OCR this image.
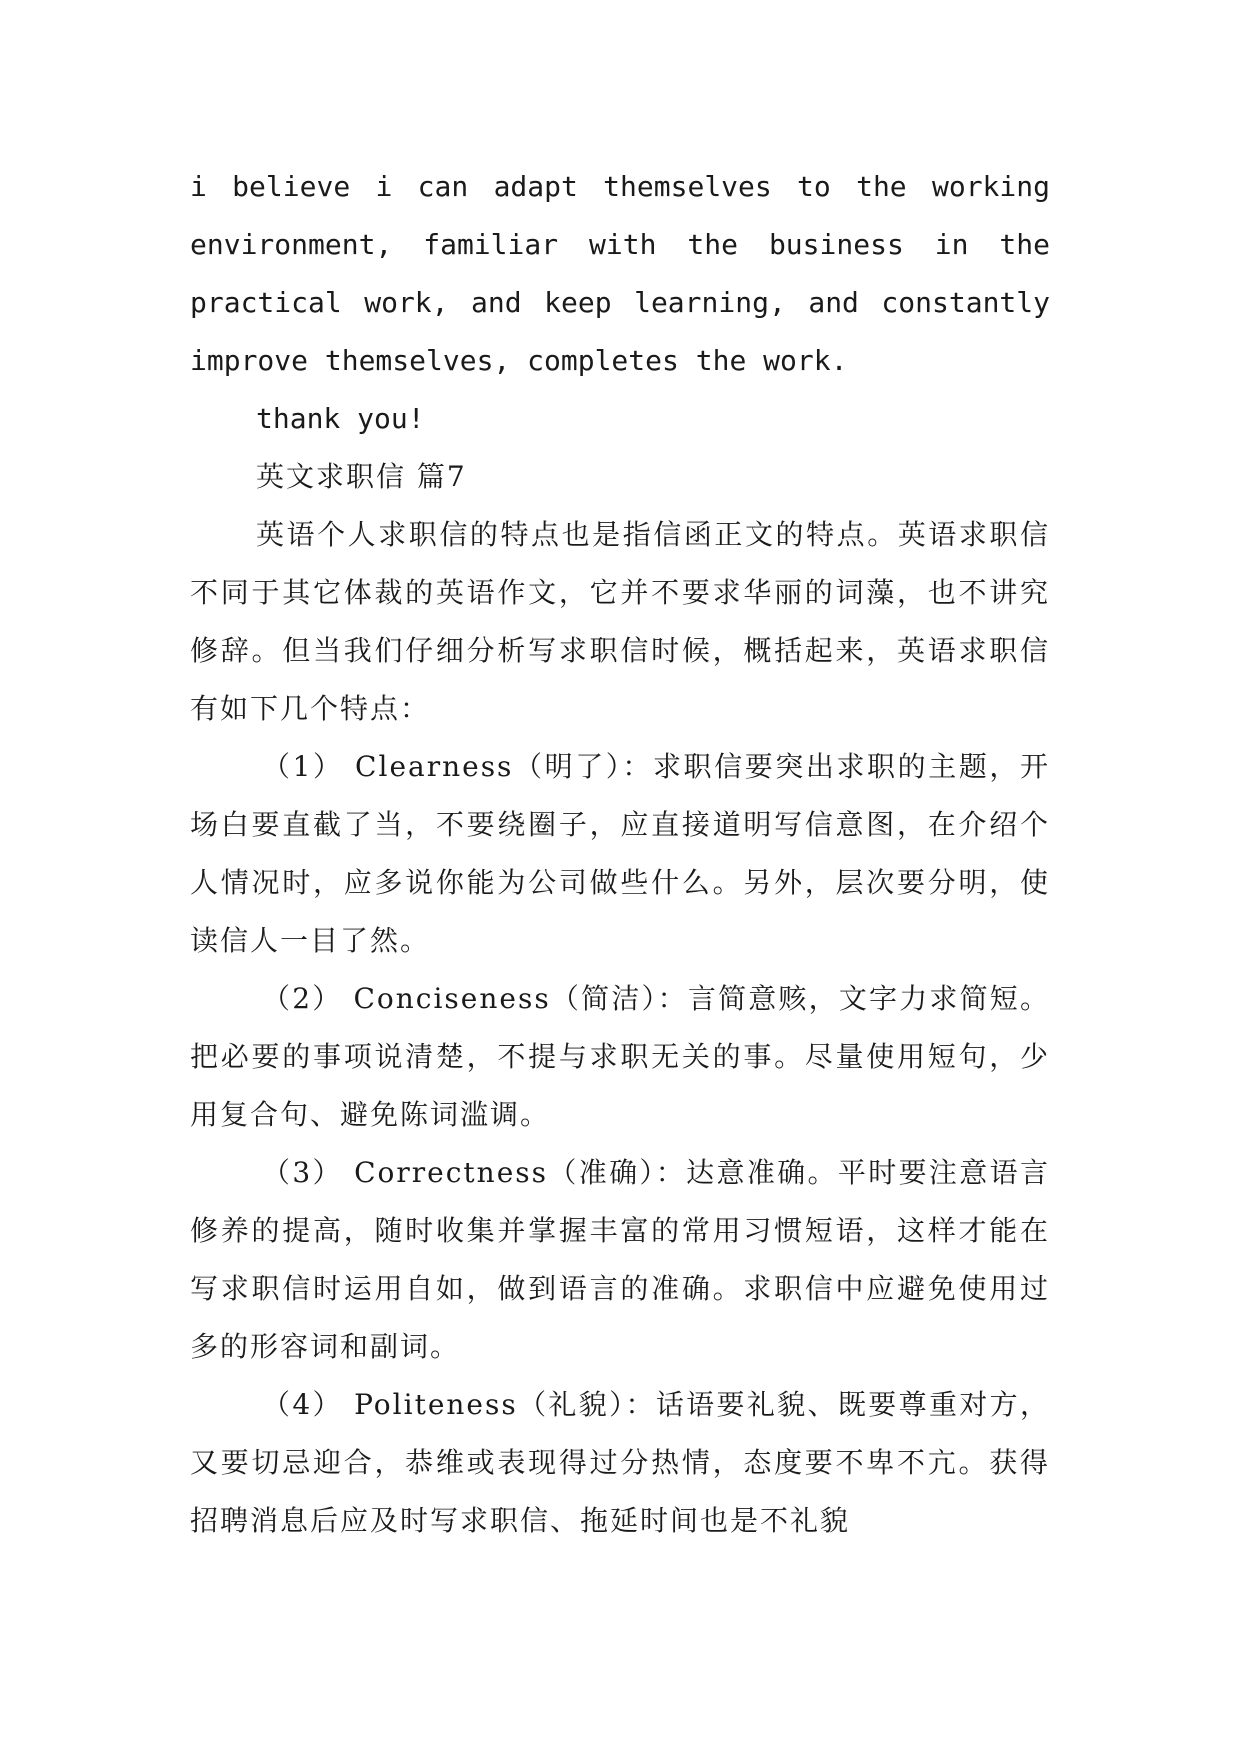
i believe i can adapt themselves to the working environment, familiar with the business in the practical work, and keep learning, and constantly improve themselves, completes the work.

thank you!

英文求职信 篇7

英语个人求职信的特点也是指信函正文的特点。英语求职信不同于其它体裁的英语作文，它并不要求华丽的词藻，也不讲究修辞。但当我们仔细分析写求职信时候，概括起来，英语求职信有如下几个特点：

（1） Clearness（明了）：求职信要突出求职的主题，开场白要直截了当，不要绕圈子，应直接道明写信意图，在介绍个人情况时，应多说你能为公司做些什么。另外，层次要分明，使读信人一目了然。

（2） Conciseness（简洁）：言简意赅，文字力求简短。把必要的事项说清楚，不提与求职无关的事。尽量使用短句，少用复合句、避免陈词滥调。

（3） Correctness（准确）：达意准确。平时要注意语言修养的提高，随时收集并掌握丰富的常用习惯短语，这样才能在写求职信时运用自如，做到语言的准确。求职信中应避免使用过多的形容词和副词。

（4） Politeness（礼貌）：话语要礼貌、既要尊重对方，又要切忌迎合，恭维或表现得过分热情，态度要不卑不亢。获得招聘消息后应及时写求职信、拖延时间也是不礼貌
